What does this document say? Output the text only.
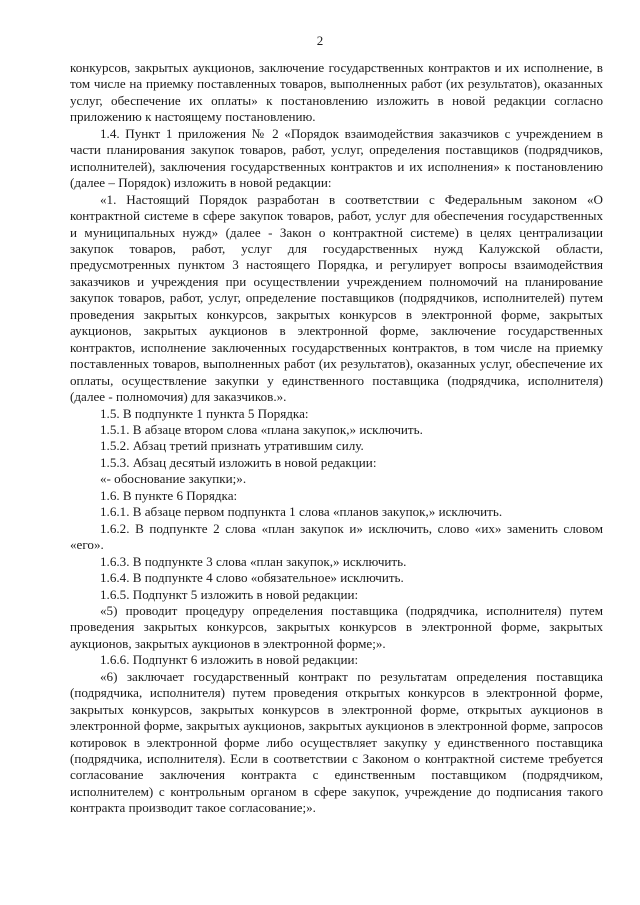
2

конкурсов, закрытых аукционов, заключение государственных контрактов и их исполнение, в том числе на приемку поставленных товаров, выполненных работ (их результатов), оказанных услуг, обеспечение их оплаты» к постановлению изложить в новой редакции согласно приложению к настоящему постановлению.

1.4. Пункт 1 приложения № 2 «Порядок взаимодействия заказчиков с учреждением в части планирования закупок товаров, работ, услуг, определения поставщиков (подрядчиков, исполнителей), заключения государственных контрактов и их исполнения» к постановлению (далее – Порядок) изложить в новой редакции:

«1. Настоящий Порядок разработан в соответствии с Федеральным законом «О контрактной системе в сфере закупок товаров, работ, услуг для обеспечения государственных и муниципальных нужд» (далее - Закон о контрактной системе) в целях централизации закупок товаров, работ, услуг для государственных нужд Калужской области, предусмотренных пунктом 3 настоящего Порядка, и регулирует вопросы взаимодействия заказчиков и учреждения при осуществлении учреждением полномочий на планирование закупок товаров, работ, услуг, определение поставщиков (подрядчиков, исполнителей) путем проведения закрытых конкурсов, закрытых конкурсов в электронной форме, закрытых аукционов, закрытых аукционов в электронной форме, заключение государственных контрактов, исполнение заключенных государственных контрактов, в том числе на приемку поставленных товаров, выполненных работ (их результатов), оказанных услуг, обеспечение их оплаты, осуществление закупки у единственного поставщика (подрядчика, исполнителя) (далее - полномочия) для заказчиков.».

1.5. В подпункте 1 пункта 5 Порядка:

1.5.1. В абзаце втором слова «плана закупок,» исключить.

1.5.2. Абзац третий признать утратившим силу.

1.5.3. Абзац десятый изложить в новой редакции:

«- обоснование закупки;».

1.6. В пункте 6 Порядка:

1.6.1. В абзаце первом подпункта 1 слова «планов закупок,» исключить.

1.6.2. В подпункте 2 слова «план закупок и» исключить, слово «их» заменить словом «его».

1.6.3. В подпункте 3 слова «план закупок,» исключить.

1.6.4. В подпункте 4 слово «обязательное» исключить.

1.6.5. Подпункт 5 изложить в новой редакции:

«5) проводит процедуру определения поставщика (подрядчика, исполнителя) путем проведения закрытых конкурсов, закрытых конкурсов в электронной форме, закрытых аукционов, закрытых аукционов в электронной форме;».

1.6.6. Подпункт 6 изложить в новой редакции:

«6) заключает государственный контракт по результатам определения поставщика (подрядчика, исполнителя) путем проведения открытых конкурсов в электронной форме, закрытых конкурсов, закрытых конкурсов в электронной форме, открытых аукционов в электронной форме, закрытых аукционов, закрытых аукционов в электронной форме, запросов котировок в электронной форме либо осуществляет закупку у единственного поставщика (подрядчика, исполнителя). Если в соответствии с Законом о контрактной системе требуется согласование заключения контракта с единственным поставщиком (подрядчиком, исполнителем) с контрольным органом в сфере закупок, учреждение до подписания такого контракта производит такое согласование;».
